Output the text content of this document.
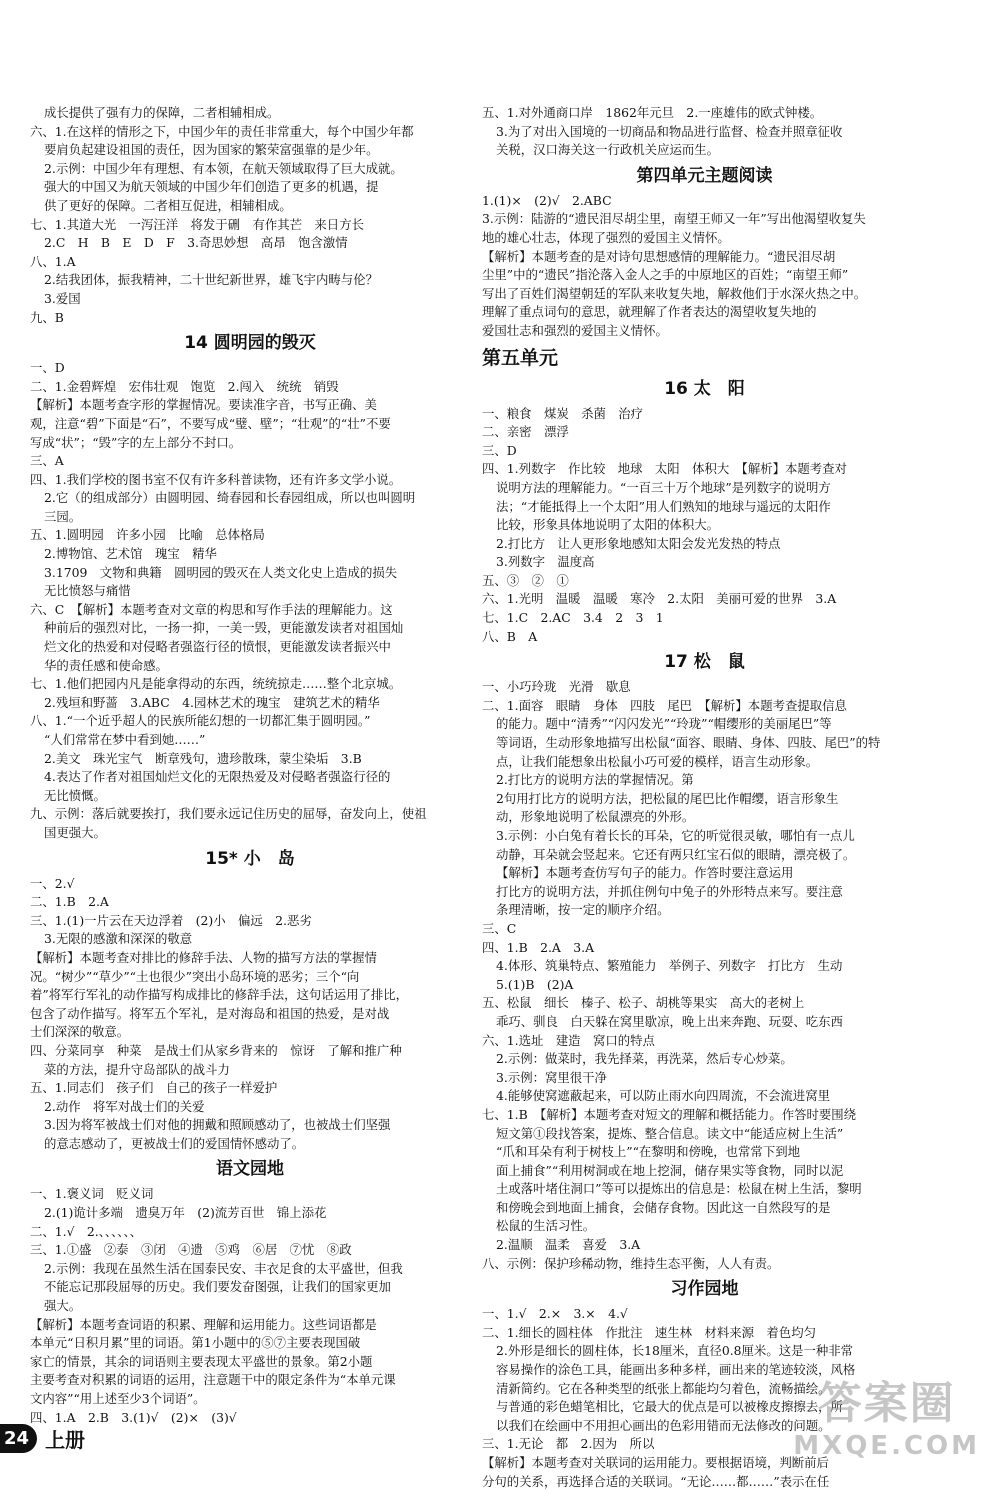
成长提供了强有力的保障，二者相辅相成。
六、1.在这样的情形之下，中国少年的责任非常重大，每个中国少年都
要肩负起建设祖国的责任，因为国家的繁荣富强靠的是少年。
2.示例：中国少年有理想、有本领，在航天领域取得了巨大成就。
强大的中国又为航天领域的中国少年们创造了更多的机遇，提
供了更好的保障。二者相互促进，相辅相成。
七、1.其道大光　一泻汪洋　将发于硎　有作其芒　来日方长
2.C　H　B　E　D　F　3.奇思妙想　高昂　饱含激情
八、1.A
2.结我团体，振我精神，二十世纪新世界，雄飞宇内畴与伦？
3.爱国
九、B
14 圆明园的毁灭
一、D
二、1.金碧辉煌　宏伟壮观　饱览　2.闯入　统统　销毁
【解析】本题考查字形的掌握情况。要读准字音，书写正确、美
观，注意“碧”下面是“石”，不要写成“璧、壁”；“壮观”的“壮”不要
写成“状”；“毁”字的左上部分不封口。
三、A
四、1.我们学校的图书室不仅有许多科普读物，还有许多文学小说。
2.它（的组成部分）由圆明园、绮春园和长春园组成，所以也叫圆明
三园。
五、1.圆明园　许多小园　比喻　总体格局
2.博物馆、艺术馆　瑰宝　精华
3.1709　文物和典籍　圆明园的毁灭在人类文化史上造成的损失
无比愤怒与痛惜
六、C　【解析】本题考查对文章的构思和写作手法的理解能力。这
种前后的强烈对比，一扬一抑，一美一毁，更能激发读者对祖国灿
烂文化的热爱和对侵略者强盗行径的愤恨，更能激发读者振兴中
华的责任感和使命感。
七、1.他们把园内凡是能拿得动的东西，统统掠走……整个北京城。
2.残垣和野蔷　3.ABC　4.园林艺术的瑰宝　建筑艺术的精华
八、1.“一个近乎超人的民族所能幻想的一切都汇集于圆明园。”
“人们常常在梦中看到她……”
2.美文　珠光宝气　断章残句，遗珍散珠，蒙尘染垢　3.B
4.表达了作者对祖国灿烂文化的无限热爱及对侵略者强盗行径的
无比愤慨。
九、示例：落后就要挨打，我们要永远记住历史的屈辱，奋发向上，使祖
国更强大。
15* 小　岛
一、2.√
二、1.B　2.A
三、1.(1)一片云在天边浮着　(2)小　偏远　2.恶劣
3.无限的感激和深深的敬意
【解析】本题考查对排比的修辞手法、人物的描写方法的掌握情
况。“树少”“草少”“土也很少”突出小岛环境的恶劣；三个“向
着”将军行军礼的动作描写构成排比的修辞手法，这句话运用了排比，
包含了动作描写。将军五个军礼，是对海岛和祖国的热爱，是对战
士们深深的敬意。
四、分菜同享　种菜　是战士们从家乡背来的　惊讶　了解和推广种
菜的方法，提升守岛部队的战斗力
五、1.同志们　孩子们　自己的孩子一样爱护
2.动作　将军对战士们的关爱
3.因为将军被战士们对他的拥戴和照顾感动了，也被战士们坚强
的意志感动了，更被战士们的爱国情怀感动了。
语文园地
一、1.褒义词　贬义词
2.(1)诡计多端　遗臭万年　(2)流芳百世　锦上添花
二、1.√　2.、、、、、、
三、1.①盛　②泰　③闭　④遗　⑤鸡　⑥居　⑦忧　⑧政
2.示例：我现在虽然生活在国泰民安、丰衣足食的太平盛世，但我
不能忘记那段屈辱的历史。我们要发奋图强，让我们的国家更加
强大。
【解析】本题考查词语的积累、理解和运用能力。这些词语都是
本单元“日积月累”里的词语。第1小题中的⑤⑦主要表现国破
家亡的情景，其余的词语则主要表现太平盛世的景象。第2小题
主要考查对积累的词语的运用，注意题干中的限定条件为“本单元课
文内容”“用上述至少3个词语”。
四、1.A　2.B　3.(1)√　(2)×　(3)√
五、1.对外通商口岸　1862年元旦　2.一座雄伟的欧式钟楼。
3.为了对出入国境的一切商品和物品进行监督、检查并照章征收
关税，汉口海关这一行政机关应运而生。
第四单元主题阅读
1.(1)×　(2)√　2.ABC
3.示例：陆游的“遗民泪尽胡尘里，南望王师又一年”写出他渴望收复失
地的雄心壮志，体现了强烈的爱国主义情怀。
【解析】本题考查的是对诗句思想感情的理解能力。“遗民泪尽胡
尘里”中的“遗民”指沦落入金人之手的中原地区的百姓；“南望王师”
写出了百姓们渴望朝廷的军队来收复失地，解救他们于水深火热之中。
理解了重点词句的意思，就理解了作者表达的渴望收复失地的
爱国壮志和强烈的爱国主义情怀。
第五单元
16 太　阳
一、粮食　煤炭　杀菌　治疗
二、亲密　漂浮
三、D
四、1.列数字　作比较　地球　太阳　体积大　【解析】本题考查对
说明方法的理解能力。“一百三十万个地球”是列数字的说明方
法；“才能抵得上一个太阳”用人们熟知的地球与遥远的太阳作
比较，形象具体地说明了太阳的体积大。
2.打比方　让人更形象地感知太阳会发光发热的特点
3.列数字　温度高
五、③　②　①
六、1.光明　温暖　温暖　寒冷　2.太阳　美丽可爱的世界　3.A
七、1.C　2.AC　3.4　2　3　1
八、B　A
17 松　鼠
一、小巧玲珑　光滑　歇息
二、1.面容　眼睛　身体　四肢　尾巴　【解析】本题考查提取信息
的能力。题中“清秀”“闪闪发光”“玲珑”“帽缨形的美丽尾巴”等
等词语，生动形象地描写出松鼠“面容、眼睛、身体、四肢、尾巴”的特
点，让我们能想象出松鼠小巧可爱的模样，语言生动形象。
2.打比方的说明方法的掌握情况。第
2句用打比方的说明方法，把松鼠的尾巴比作帽缨，语言形象生
动，形象地说明了松鼠漂亮的外形。
3.示例：小白兔有着长长的耳朵，它的听觉很灵敏，哪怕有一点儿
动静，耳朵就会竖起来。它还有两只红宝石似的眼睛，漂亮极了。
【解析】本题考查仿写句子的能力。作答时要注意运用
打比方的说明方法，并抓住例句中兔子的外形特点来写。要注意
条理清晰，按一定的顺序介绍。
三、C
四、1.B　2.A　3.A
4.体形、筑巢特点、繁殖能力　举例子、列数字　打比方　生动
5.(1)B　(2)A
五、松鼠　细长　榛子、松子、胡桃等果实　高大的老树上
乖巧、驯良　白天躲在窝里歇凉，晚上出来奔跑、玩耍、吃东西
六、1.选址　建造　窝口的特点
2.示例：做菜时，我先择菜，再洗菜，然后专心炒菜。
3.示例：窝里很干净
4.能够使窝遮蔽起来，可以防止雨水向四周流，不会流进窝里
七、1.B　【解析】本题考查对短文的理解和概括能力。作答时要围绕
短文第①段找答案，提炼、整合信息。读文中“能适应树上生活”
“爪和耳朵有利于树枝上”“在黎明和傍晚，也常常下到地
面上捕食”“利用树洞或在地上挖洞，储存果实等食物，同时以泥
土或落叶堵住洞口”等可以提炼出的信息是：松鼠在树上生活，黎明
和傍晚会到地面上捕食，会储存食物。因此这一自然段写的是
松鼠的生活习性。
2.温顺　温柔　喜爱　3.A
八、示例：保护珍稀动物，维持生态平衡，人人有责。
习作园地
一、1.√　2.×　3.×　4.√
二、1.细长的圆柱体　作批注　速生林　材料来源　着色均匀
2.外形是细长的圆柱体，长18厘米，直径0.8厘米。这是一种非常
容易操作的涂色工具，能画出多种多样，画出来的笔迹较淡，风格
清新简约。它在各种类型的纸张上都能均匀着色，流畅描绘。
与普通的彩色蜡笔相比，它最大的优点是可以被橡皮擦擦去，所
以我们在绘画中不用担心画出的色彩用错而无法修改的问题。
三、1.无论　都　2.因为　所以
【解析】本题考查对关联词的运用能力。要根据语境，判断前后
分句的关系，再选择合适的关联词。“无论……都……”表示在任
24 上册
答案圈
MXQE.COM
